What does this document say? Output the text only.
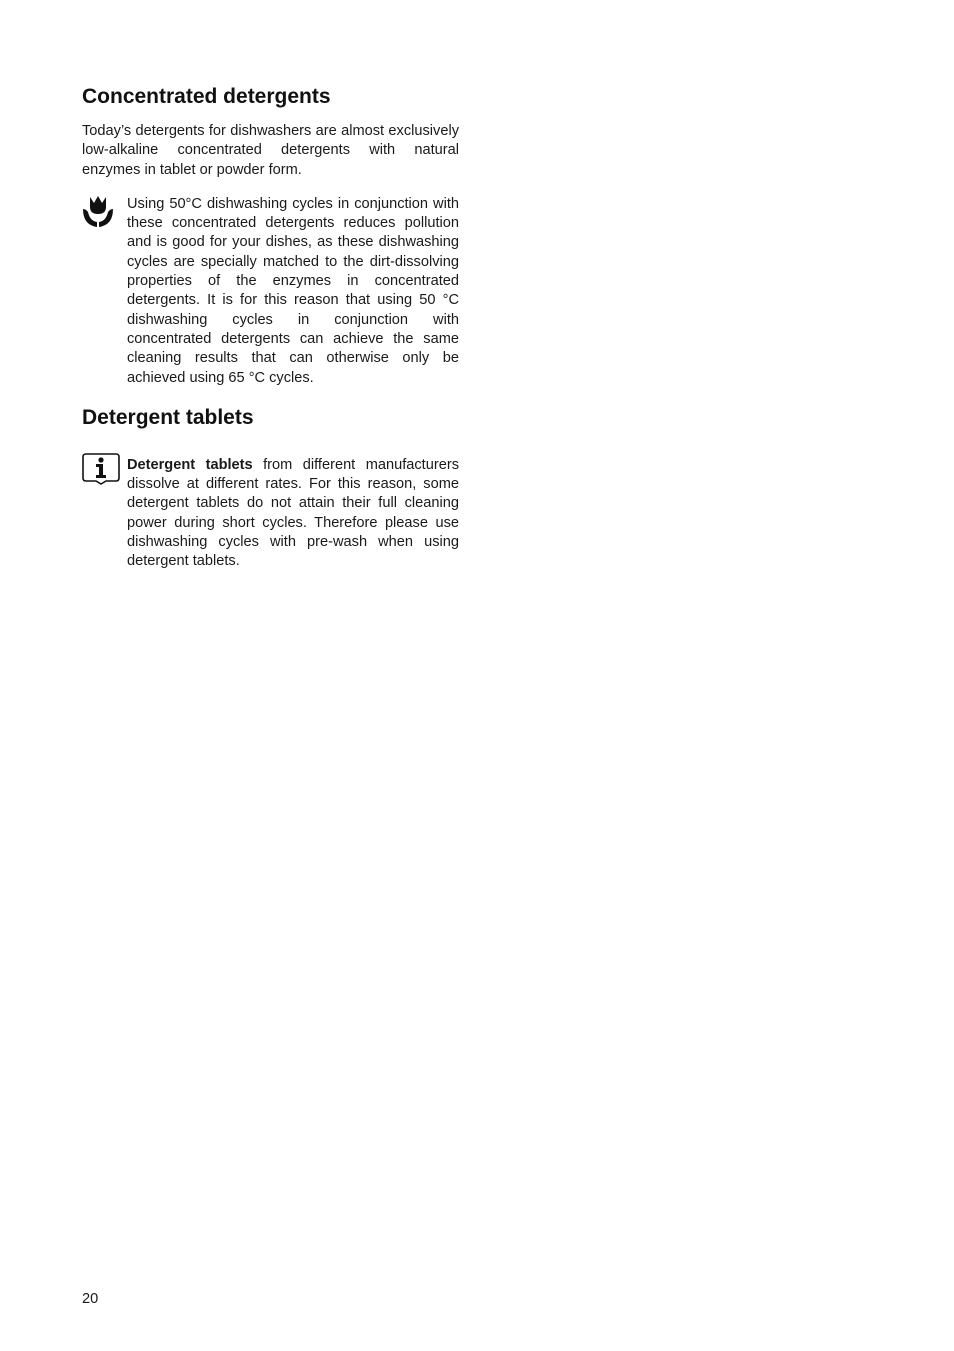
Concentrated detergents

Today’s detergents for dishwashers are almost exclusively low-alkaline concentrated detergents with natural enzymes in tablet or powder form.

Using 50°C dishwashing cycles in conjunction with these concentrated detergents reduces pollution and is good for your dishes, as these dishwashing cycles are specially matched to the dirt-dissolving properties of the enzymes in concentrated detergents. It is for this reason that using 50 °C dishwashing cycles in conjunction with concentrated detergents can achieve the same cleaning results that can otherwise only be achieved using 65 °C cycles.

Detergent tablets

Detergent tablets from different manufacturers dissolve at different rates. For this reason, some detergent tablets do not attain their full cleaning power during short cycles. Therefore please use dishwashing cycles with pre-wash when using detergent tablets.

20
